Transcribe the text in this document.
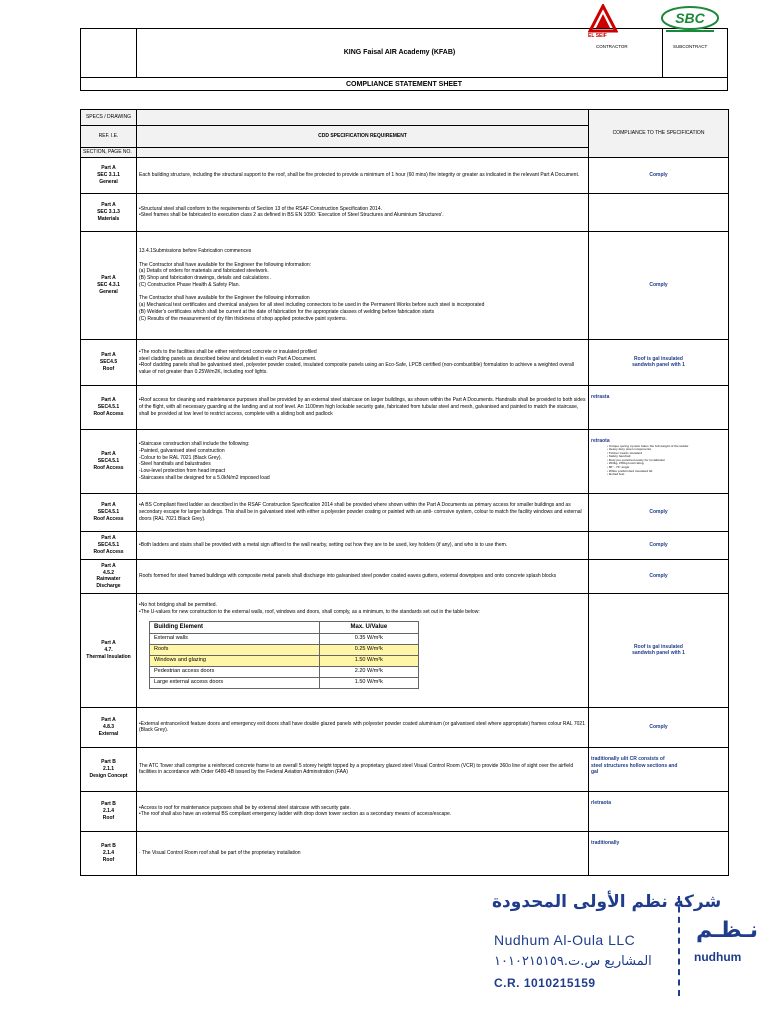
KING Faisal AIR Academy (KFAB)
COMPLIANCE STATEMENT SHEET
EL SEIF
SBC
CONTRACTOR	SUBCONTRACT
SPECS / DRAWING		COMPLIANCE TO THE SPECIFICATION
REF. I.E.	CDD SPECIFICATION REQUIREMENT
SECTION, PAGE NO.	
Part A
SEC 3.1.1
General	
Each building structure, including the structural support to the roof, shall be fire protected to provide a minimum of 1 hour (60 mins) fire integrity or greater as indicated in the relevant Part A Document.	Comply

Part A
SEC 3.1.3
Materials	
•Structural steel shall conform to the requirements of Section 13 of the RSAF Construction Specification 2014.
•Steel frames shall be fabricated to execution class 2 as defined in BS EN 1090: 'Execution of Steel Structures and Aluminium Structures'.

Part A
SEC 4.3.1
General	
13.4.1Submissions before Fabrication commences

The Contractor shall have available for the Engineer the following information:
(a) Details of orders for materials and fabricated steelwork.
(B) Shop and fabrication drawings, details and calculations .
(C) Construction Phase Health & Safety Plan.

The Contractor shall have available for the Engineer the following information
(a) Mechanical test certificates and chemical analyses for all steel including connectors to be used in the Permanent Works before such steel is incorporated
(B) Welder's certificates which shall be current at the date of fabrication for the appropriate classes of welding before fabrication starts
(C) Results of the measurement of dry film thickness of shop applied protective paint systems.

Comply

Part A
SEC4.5
Roof	
•The roofs to the facilities shall be either reinforced concrete or insulated profiled
steel cladding panels as described below and detailed in each Part A Document.
•Roof cladding panels shall be galvanised steel, polyester powder coated, insulated composite panels using an Eco-Safe, LPCB certified (non-combustible) formulation to achieve a weighted overall value of not greater than 0.25W/m2K, including roof lights.

Roof is gal insulated
sandwish panel with 1

Part A
SEC4.5.1
Roof Access	
•Roof access for cleaning and maintenance purposes shall be provided by an external steel staircase on larger buildings, as shown within the Part A Documents. Handrails shall be provided to both sides of the flight, with all necessary guarding at the landing and at roof level. An 1100mm high lockable security gate, fabricated from tubular steel and mesh, galvanised and painted to match the staircase, shall be provided at low level to restrict access, complete with a sliding bolt and padlock

retrasta

Part A
SEC4.5.1
Roof Access	
•Staircase construction shall include the following:
-Painted, galvanised steel construction
-Colour to be RAL 7021 (Black Grey).
-Steel handrails and balustrades
-Low-level protection from head impact
-Staircases shall be designed for a 5.0kN/m2 imposed load

retraota
• Unique spring system takes the full weight of the ladder
• Heavy duty steel components
• Timber treads standard
• Safety handrail
• Duty pre-punched easily for installation
• 200kg, 250kg load rating
• 80° - 70° angle
• White prefinished insulated lid
• Bolted feet

Part A
SEC4.5.1
Roof Access	
•A BS Compliant fixed ladder as described in the RSAF Construction Specification 2014 shall be provided where shown within the Part A Documents as primary access for smaller buildings and as secondary escape for larger buildings. This shall be in galvanised steel with either a polyester powder coating or painted with an anti- corrosive system, colour to match the facility windows and external doors (RAL 7021 Black Grey).

Comply

Part A
SEC4.5.1
Roof Access	
•Both ladders and stairs shall be provided with a metal sign affixed to the wall nearby, setting out how they are to be used, key holders (if any), and who is to use them.	Comply

Part A
4.5.2
Rainwater
Discharge	
Roofs formed for steel framed buildings with composite metal panels shall discharge into galvanised steel powder coated eaves gutters, external downpipes and onto concrete splash blocks	Comply

Part A
4.7.
Thermal Insulation	
•No hot bridging shall be permitted.
•The U-values for new construction to the external walls, roof, windows and doors, shall comply, as a minimum, to the standards set out in the table below:
Building Element	Max. U/Value
External walls	0.35 W/m²k
Roofs	0.25 W/m²k
Windows and glazing	1.50 W/m²k
Pedestrian access doors	2.20 W/m²k
Large external access doors	1.50 W/m²k

Roof is gal insulated
sandwish panel with 1

Part A
4.8.3
External	
•External entrance/exit feature doors and emergency exit doors shall have double glazed panels with polyester powder coated aluminium (or galvanised steel where appropriate) frames colour RAL 7021 (Black Grey).

Comply

Part B
2.1.1
Design Concept	
The ATC Tower shall comprise a reinforced concrete frame to an overall 5 storey height topped by a proprietary glazed steel Visual Control Room (VCR) to provide 360o line of sight over the airfield facilities in accordance with Order 6480-4B issued by the Federal Aviation Adminstration (FAA)

traditionally ulit CR consists of
steel structures hollow sections and
gal

Part B
2.1.4
Roof	
•Access to roof for maintenance purposes shall be by external steel staircase with security gate.
•The roof shall also have an external BS compliant emergency ladder with drop down tower section as a secondary means of access/escape.

rletraota

Part B
2.1.4
Roof	
· The Visual Control Room roof shall be part of the proprietary installation

traditionally
شركة نظم الأولى المحدودة
Nudhum Al-Oula LLC
المشاريع س.ت.١٠١٠٢١٥١٥٩
C.R. 1010215159
نـظـم
nudhum
